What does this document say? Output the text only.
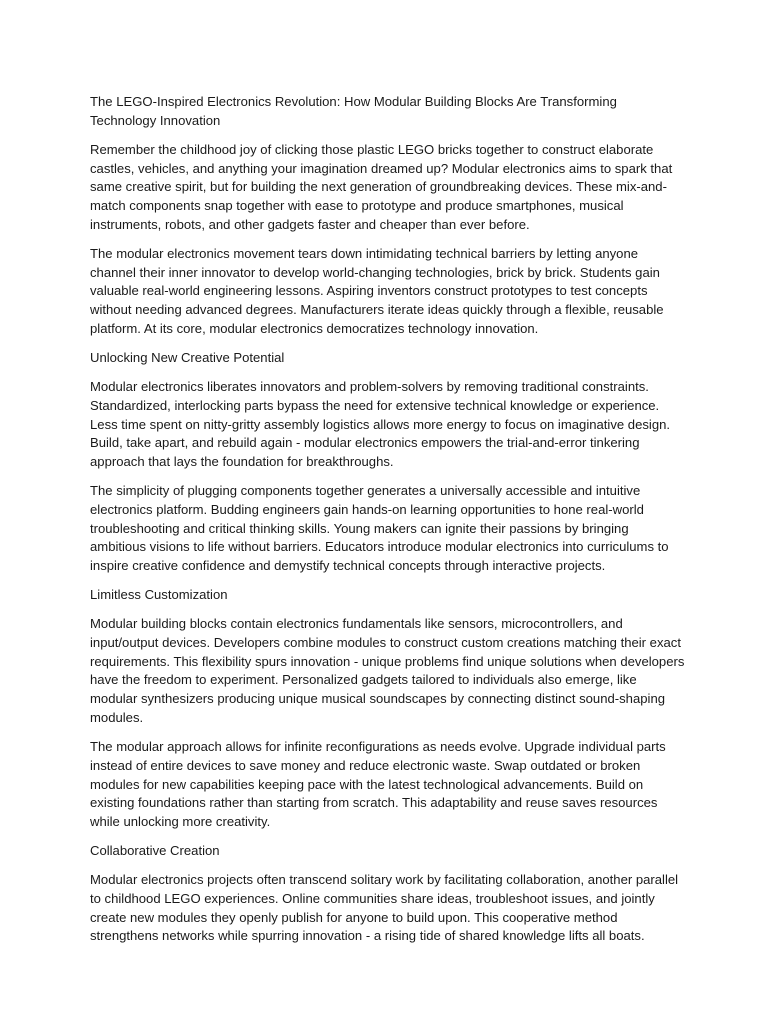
The LEGO-Inspired Electronics Revolution: How Modular Building Blocks Are Transforming Technology Innovation

Remember the childhood joy of clicking those plastic LEGO bricks together to construct elaborate castles, vehicles, and anything your imagination dreamed up? Modular electronics aims to spark that same creative spirit, but for building the next generation of groundbreaking devices. These mix-and-match components snap together with ease to prototype and produce smartphones, musical instruments, robots, and other gadgets faster and cheaper than ever before.

The modular electronics movement tears down intimidating technical barriers by letting anyone channel their inner innovator to develop world-changing technologies, brick by brick. Students gain valuable real-world engineering lessons. Aspiring inventors construct prototypes to test concepts without needing advanced degrees. Manufacturers iterate ideas quickly through a flexible, reusable platform. At its core, modular electronics democratizes technology innovation.

Unlocking New Creative Potential

Modular electronics liberates innovators and problem-solvers by removing traditional constraints. Standardized, interlocking parts bypass the need for extensive technical knowledge or experience. Less time spent on nitty-gritty assembly logistics allows more energy to focus on imaginative design. Build, take apart, and rebuild again - modular electronics empowers the trial-and-error tinkering approach that lays the foundation for breakthroughs.

The simplicity of plugging components together generates a universally accessible and intuitive electronics platform. Budding engineers gain hands-on learning opportunities to hone real-world troubleshooting and critical thinking skills. Young makers can ignite their passions by bringing ambitious visions to life without barriers. Educators introduce modular electronics into curriculums to inspire creative confidence and demystify technical concepts through interactive projects.

Limitless Customization

Modular building blocks contain electronics fundamentals like sensors, microcontrollers, and input/output devices. Developers combine modules to construct custom creations matching their exact requirements. This flexibility spurs innovation - unique problems find unique solutions when developers have the freedom to experiment. Personalized gadgets tailored to individuals also emerge, like modular synthesizers producing unique musical soundscapes by connecting distinct sound-shaping modules.

The modular approach allows for infinite reconfigurations as needs evolve. Upgrade individual parts instead of entire devices to save money and reduce electronic waste. Swap outdated or broken modules for new capabilities keeping pace with the latest technological advancements. Build on existing foundations rather than starting from scratch. This adaptability and reuse saves resources while unlocking more creativity.

Collaborative Creation

Modular electronics projects often transcend solitary work by facilitating collaboration, another parallel to childhood LEGO experiences. Online communities share ideas, troubleshoot issues, and jointly create new modules they openly publish for anyone to build upon. This cooperative method strengthens networks while spurring innovation - a rising tide of shared knowledge lifts all boats.
